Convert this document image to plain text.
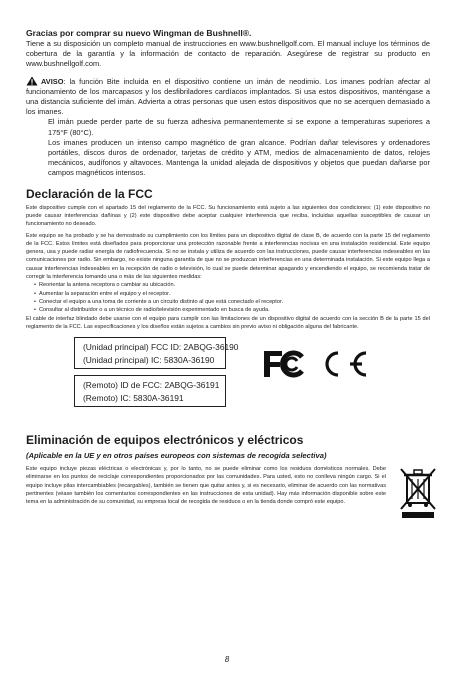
Gracias por comprar su nuevo Wingman de Bushnell®.
Tiene a su disposición un completo manual de instrucciones en www.bushnellgolf.com. El manual incluye los términos de cobertura de la garantía y la información de contacto de reparación. Asegúrese de registrar su producto en www.bushnellgolf.com.
AVISO: la función Bite incluida en el dispositivo contiene un imán de neodimio. Los imanes podrían afectar al funcionamiento de los marcapasos y los desfibriladores cardíacos implantados. Si usa estos dispositivos, manténgase a una distancia suficiente del imán. Advierta a otras personas que usen estos dispositivos que no se acerquen demasiado a los imanes.
El imán puede perder parte de su fuerza adhesiva permanentemente si se expone a temperaturas superiores a 175°F (80°C).
Los imanes producen un intenso campo magnético de gran alcance. Podrían dañar televisores y ordenadores portátiles, discos duros de ordenador, tarjetas de crédito y ATM, medios de almacenamiento de datos, relojes mecánicos, audífonos y altavoces. Mantenga la unidad alejada de dispositivos y objetos que puedan dañarse por campos magnéticos intensos.
Declaración de la FCC
Este dispositivo cumple con el apartado 15 del reglamento de la FCC. Su funcionamiento está sujeto a las siguientes dos condiciones: (1) este dispositivo no puede causar interferencias dañinas y (2) este dispositivo debe aceptar cualquier interferencia que reciba, incluidas aquellas susceptibles de causar un funcionamiento no deseado.
Este equipo se ha probado y se ha demostrado su cumplimiento con los límites para un dispositivo digital de clase B, de acuerdo con la parte 15 del reglamento de la FCC. Estos límites está diseñados para proporcionar una protección razonable frente a interferencias nocivas en una instalación residencial. Este equipo genera, usa y puede radiar energía de radiofrecuencia. Si no se instala y utiliza de acuerdo con las instrucciones, puede causar interferencias indeseables en las comunicaciones por radio. Sin embargo, no existe ninguna garantía de que no se produzcan interferencias en una determinada instalación. Si este equipo llega a causar interferencias indeseables en la recepción de radio o televisión, lo cual se puede determinar apagando y encendiendo el equipo, se recomienda tratar de corregir la interferencia tomando una o más de las siguientes medidas:
• Reorientar la antena receptora o cambiar su ubicación.
• Aumentar la separación entre el equipo y el receptor.
• Conectar el equipo a una toma de corriente a un circuito distinto al que está conectado el receptor.
• Consultar al distribuidor o a un técnico de radio/televisión experimentado en busca de ayuda.
El cable de interfaz blindado debe usarse con el equipo para cumplir con las limitaciones de un dispositivo digital de acuerdo con la sección B de la parte 15 del reglamento de la FCC. Las especificaciones y los diseños están sujetos a cambios sin previo aviso ni obligación alguna del fabricante.
(Unidad principal) FCC ID: 2ABQG-36190
(Unidad principal) IC: 5830A-36190
(Remoto) ID de FCC: 2ABQG-36191
(Remoto) IC: 5830A-36191
Eliminación de equipos electrónicos y eléctricos
(Aplicable en la UE y en otros países europeos con sistemas de recogida selectiva)
Este equipo incluye piezas eléctricas o electrónicas y, por lo tanto, no se puede eliminar como los residuos domésticos normales. Debe eliminarse en los puntos de reciclaje correspondientes proporcionados por las comunidades. Para usted, esto no conlleva ningún cargo. Si el equipo incluye pilas intercambiables (recargables), también se tienen que quitar antes y, si es necesario, eliminar de acuerdo con las normativas pertinentes (véase también los comentarios correspondientes en las instrucciones de esta unidad). Hay más información disponible sobre este tema en la administración de su comunidad, su empresa local de recogida de residuos o en la tienda donde compró este equipo.
8
